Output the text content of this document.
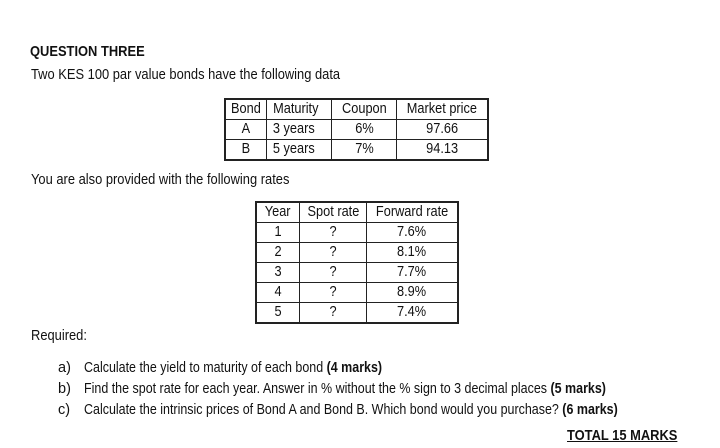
QUESTION THREE
Two KES 100 par value bonds have the following data
Bond	Maturity	Coupon	Market price
A	3 years	6%	97.66
B	5 years	7%	94.13
You are also provided with the following rates
Year	Spot rate	Forward rate
1	?	7.6%
2	?	8.1%
3	?	7.7%
4	?	8.9%
5	?	7.4%
Required:
a) Calculate the yield to maturity of each bond (4 marks)
b) Find the spot rate for each year. Answer in % without the % sign to 3 decimal places (5 marks)
c) Calculate the intrinsic prices of Bond A and Bond B. Which bond would you purchase? (6 marks)
TOTAL 15 MARKS
